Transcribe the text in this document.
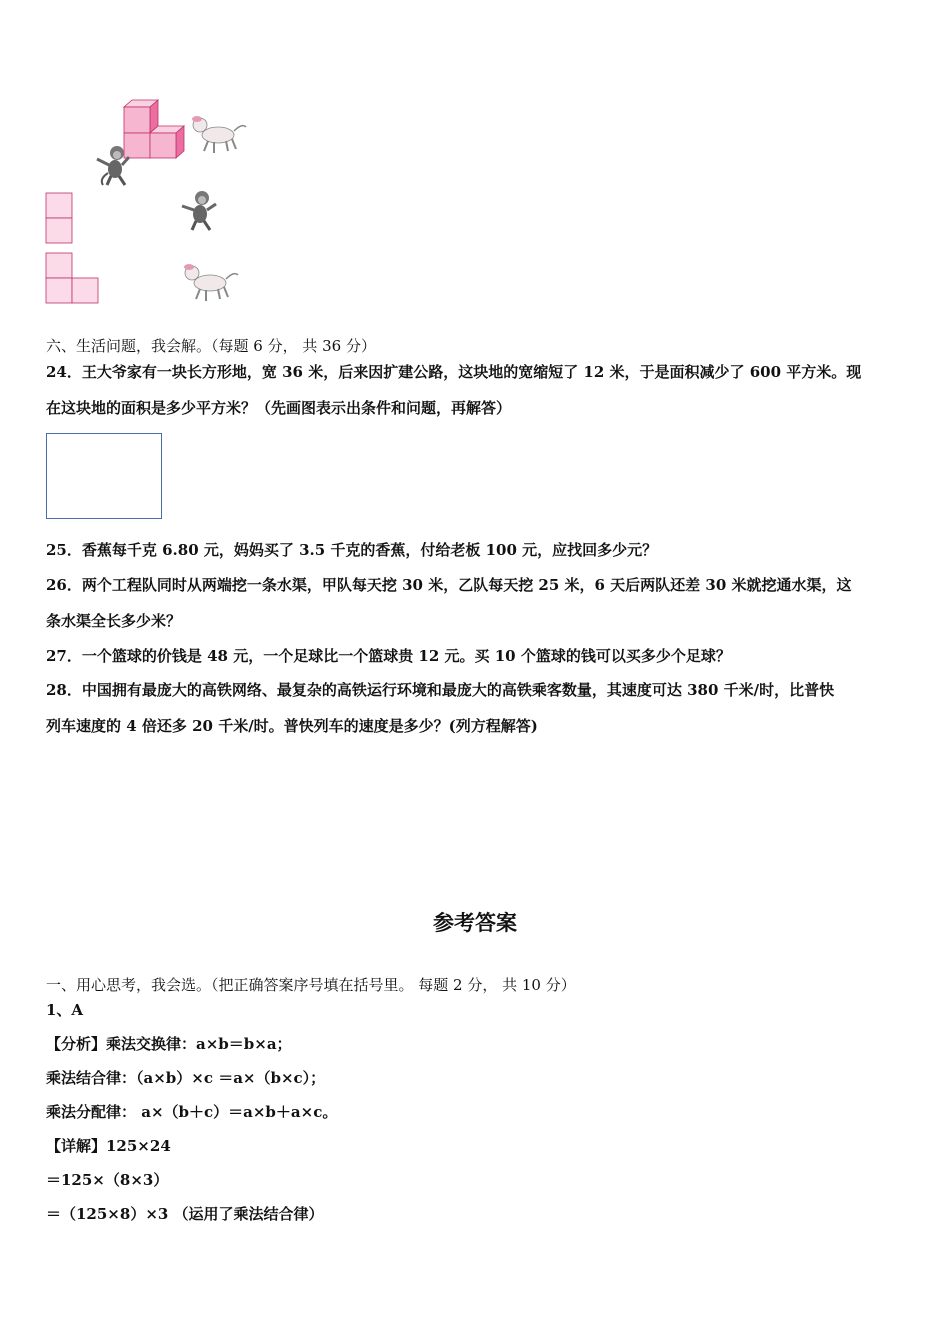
六、生活问题，我会解。（每题 6 分， 共 36 分）
24．王大爷家有一块长方形地，宽 36 米，后来因扩建公路，这块地的宽缩短了 12 米，于是面积减少了 600 平方米。现
在这块地的面积是多少平方米？（先画图表示出条件和问题，再解答）
25．香蕉每千克 6.80 元，妈妈买了 3.5 千克的香蕉，付给老板 100 元，应找回多少元？
26．两个工程队同时从两端挖一条水渠，甲队每天挖 30 米，乙队每天挖 25 米，6 天后两队还差 30 米就挖通水渠，这
条水渠全长多少米？
27．一个篮球的价钱是 48 元，一个足球比一个篮球贵 12 元。买 10 个篮球的钱可以买多少个足球？
28．中国拥有最庞大的高铁网络、最复杂的高铁运行环境和最庞大的高铁乘客数量，其速度可达 380 千米/时，比普快
列车速度的 4 倍还多 20 千米/时。普快列车的速度是多少？(列方程解答)
参考答案
一、用心思考，我会选。（把正确答案序号填在括号里。 每题 2 分， 共 10 分）
1、A
【分析】乘法交换律：a×b＝b×a；
乘法结合律：（a×b）×c ＝a×（b×c）；
乘法分配律： a×（b＋c）＝a×b＋a×c。
【详解】125×24
＝125×（8×3）
＝（125×8）×3 （运用了乘法结合律）
